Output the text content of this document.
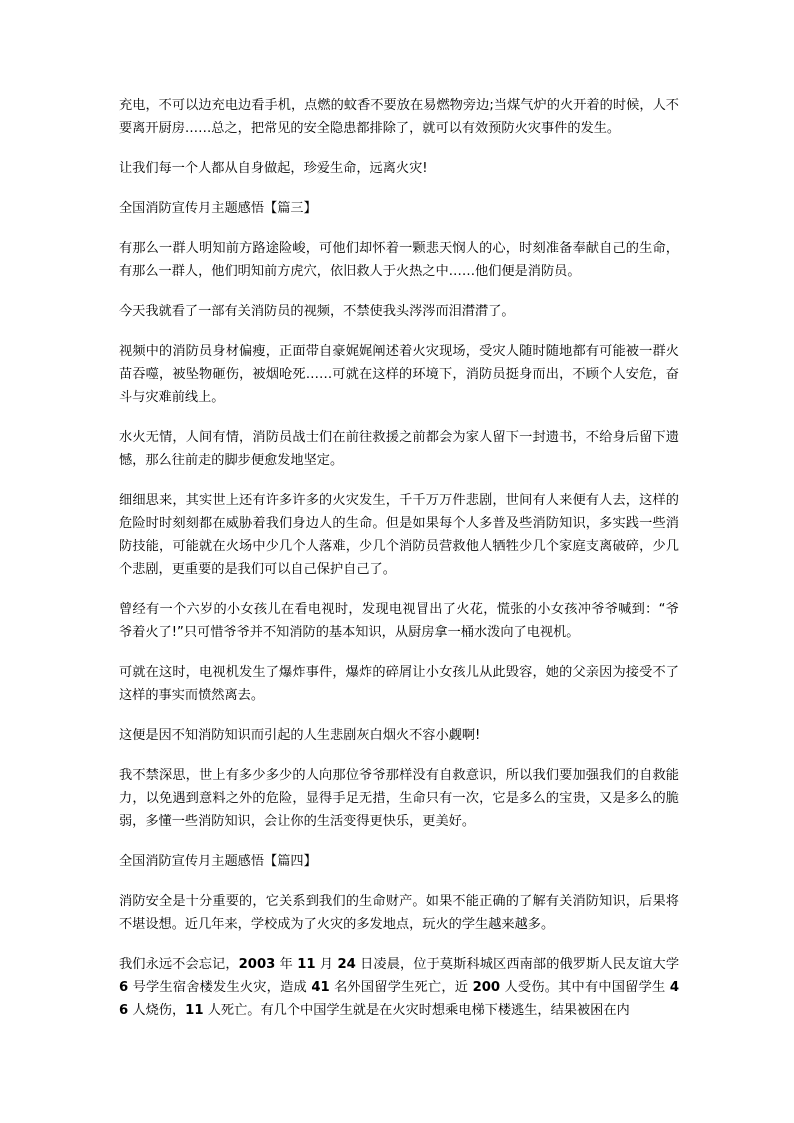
充电，不可以边充电边看手机，点燃的蚊香不要放在易燃物旁边;当煤气炉的火开着的时候，人不要离开厨房……总之，把常见的安全隐患都排除了，就可以有效预防火灾事件的发生。

让我们每一个人都从自身做起，珍爱生命，远离火灾!

全国消防宣传月主题感悟【篇三】

有那么一群人明知前方路途险峻，可他们却怀着一颗悲天悯人的心，时刻准备奉献自己的生命，有那么一群人，他们明知前方虎穴，依旧救人于火热之中……他们便是消防员。

今天我就看了一部有关消防员的视频，不禁使我头涔涔而泪潸潸了。

视频中的消防员身材偏瘦，正面带自豪娓娓阐述着火灾现场，受灾人随时随地都有可能被一群火苗吞噬，被坠物砸伤，被烟呛死……可就在这样的环境下，消防员挺身而出，不顾个人安危，奋斗与灾难前线上。

水火无情，人间有情，消防员战士们在前往救援之前都会为家人留下一封遗书，不给身后留下遗憾，那么往前走的脚步便愈发地坚定。

细细思来，其实世上还有许多许多的火灾发生，千千万万件悲剧，世间有人来便有人去，这样的危险时时刻刻都在威胁着我们身边人的生命。但是如果每个人多普及些消防知识，多实践一些消防技能，可能就在火场中少几个人落难，少几个消防员营救他人牺牲少几个家庭支离破碎，少几个悲剧，更重要的是我们可以自己保护自己了。

曾经有一个六岁的小女孩儿在看电视时，发现电视冒出了火花，慌张的小女孩冲爷爷喊到：“爷爷着火了!”只可惜爷爷并不知消防的基本知识，从厨房拿一桶水泼向了电视机。

可就在这时，电视机发生了爆炸事件，爆炸的碎屑让小女孩儿从此毁容，她的父亲因为接受不了这样的事实而愤然离去。

这便是因不知消防知识而引起的人生悲剧灰白烟火不容小觑啊!

我不禁深思，世上有多少多少的人向那位爷爷那样没有自救意识，所以我们要加强我们的自救能力，以免遇到意料之外的危险，显得手足无措，生命只有一次，它是多么的宝贵，又是多么的脆弱，多懂一些消防知识，会让你的生活变得更快乐，更美好。

全国消防宣传月主题感悟【篇四】

消防安全是十分重要的，它关系到我们的生命财产。如果不能正确的了解有关消防知识，后果将不堪设想。近几年来，学校成为了火灾的多发地点，玩火的学生越来越多。

我们永远不会忘记，2003 年 11 月 24 日凌晨，位于莫斯科城区西南部的俄罗斯人民友谊大学 6 号学生宿舍楼发生火灾，造成 41 名外国留学生死亡，近 200 人受伤。其中有中国留学生 46 人烧伤，11 人死亡。有几个中国学生就是在火灾时想乘电梯下楼逃生，结果被困在内
